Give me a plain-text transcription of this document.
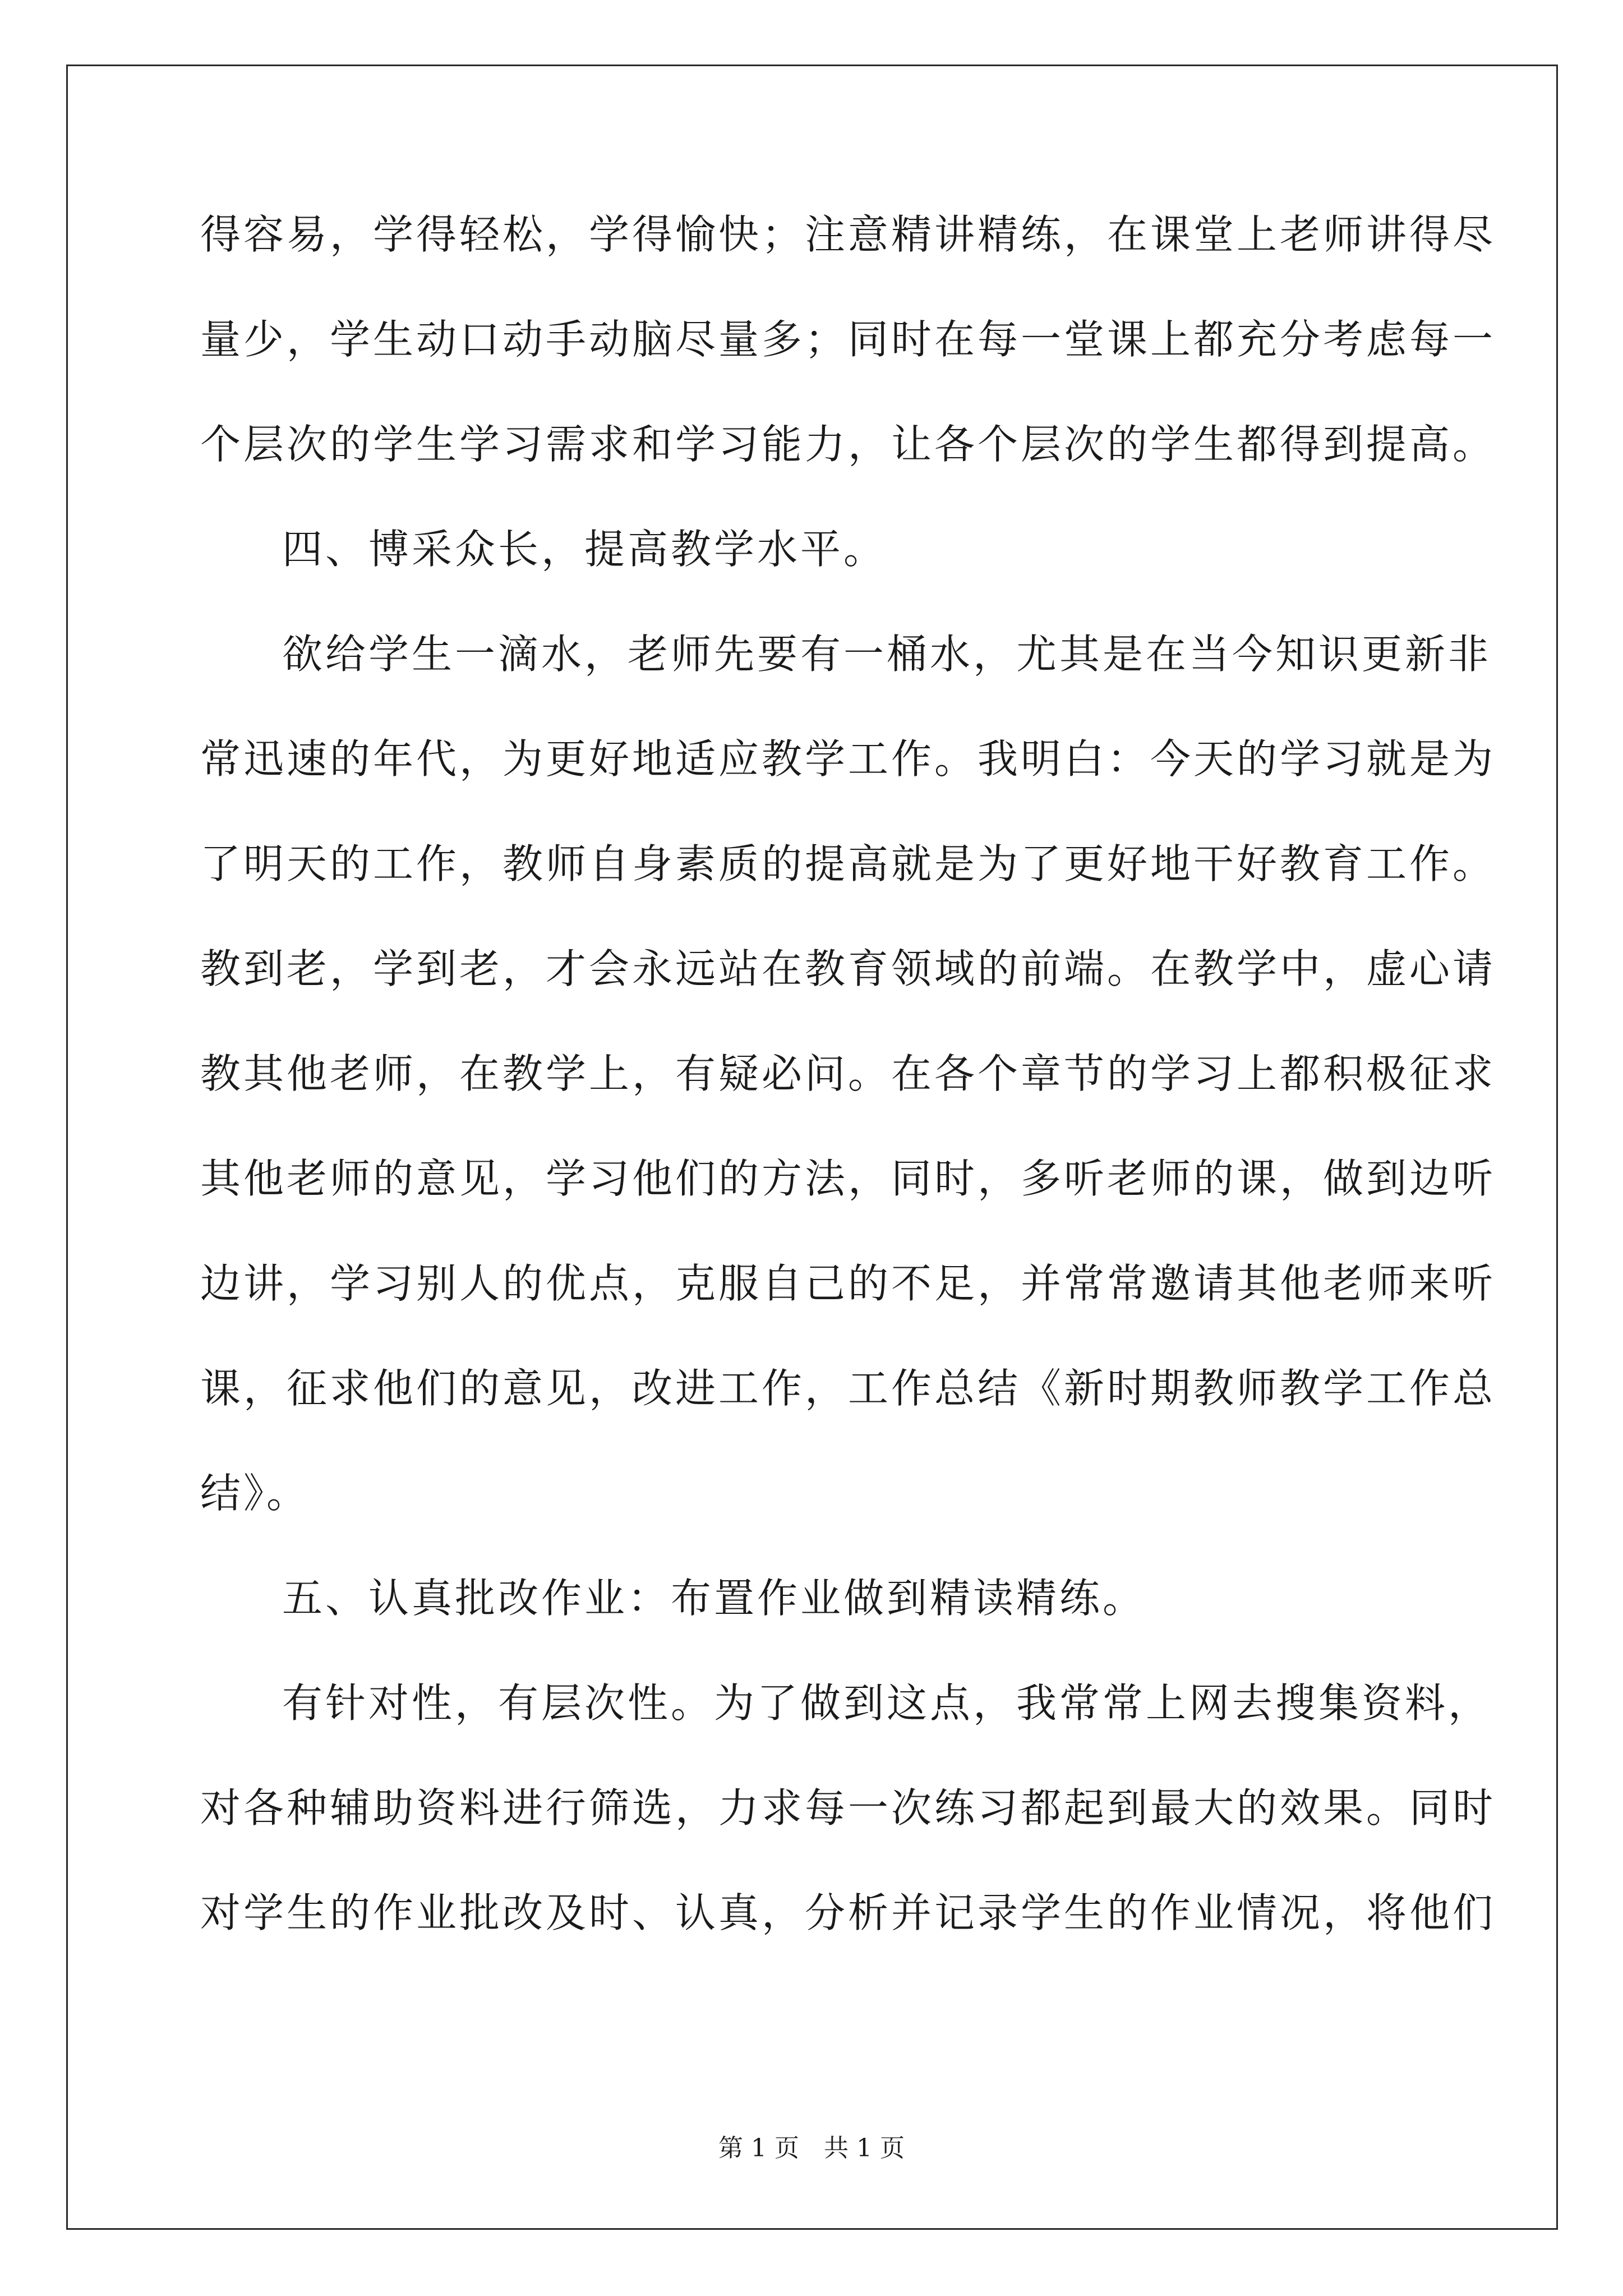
得容易，学得轻松，学得愉快；注意精讲精练，在课堂上老师讲得尽
量少，学生动口动手动脑尽量多；同时在每一堂课上都充分考虑每一
个层次的学生学习需求和学习能力，让各个层次的学生都得到提高。
四、博采众长，提高教学水平。
欲给学生一滴水，老师先要有一桶水，尤其是在当今知识更新非
常迅速的年代，为更好地适应教学工作。我明白：今天的学习就是为
了明天的工作，教师自身素质的提高就是为了更好地干好教育工作。
教到老，学到老，才会永远站在教育领域的前端。在教学中，虚心请
教其他老师，在教学上，有疑必问。在各个章节的学习上都积极征求
其他老师的意见，学习他们的方法，同时，多听老师的课，做到边听
边讲，学习别人的优点，克服自己的不足，并常常邀请其他老师来听
课，征求他们的意见，改进工作，工作总结《新时期教师教学工作总
结》。
五、认真批改作业：布置作业做到精读精练。
有针对性，有层次性。为了做到这点，我常常上网去搜集资料，
对各种辅助资料进行筛选，力求每一次练习都起到最大的效果。同时
对学生的作业批改及时、认真，分析并记录学生的作业情况，将他们
第 1 页　共 1 页
